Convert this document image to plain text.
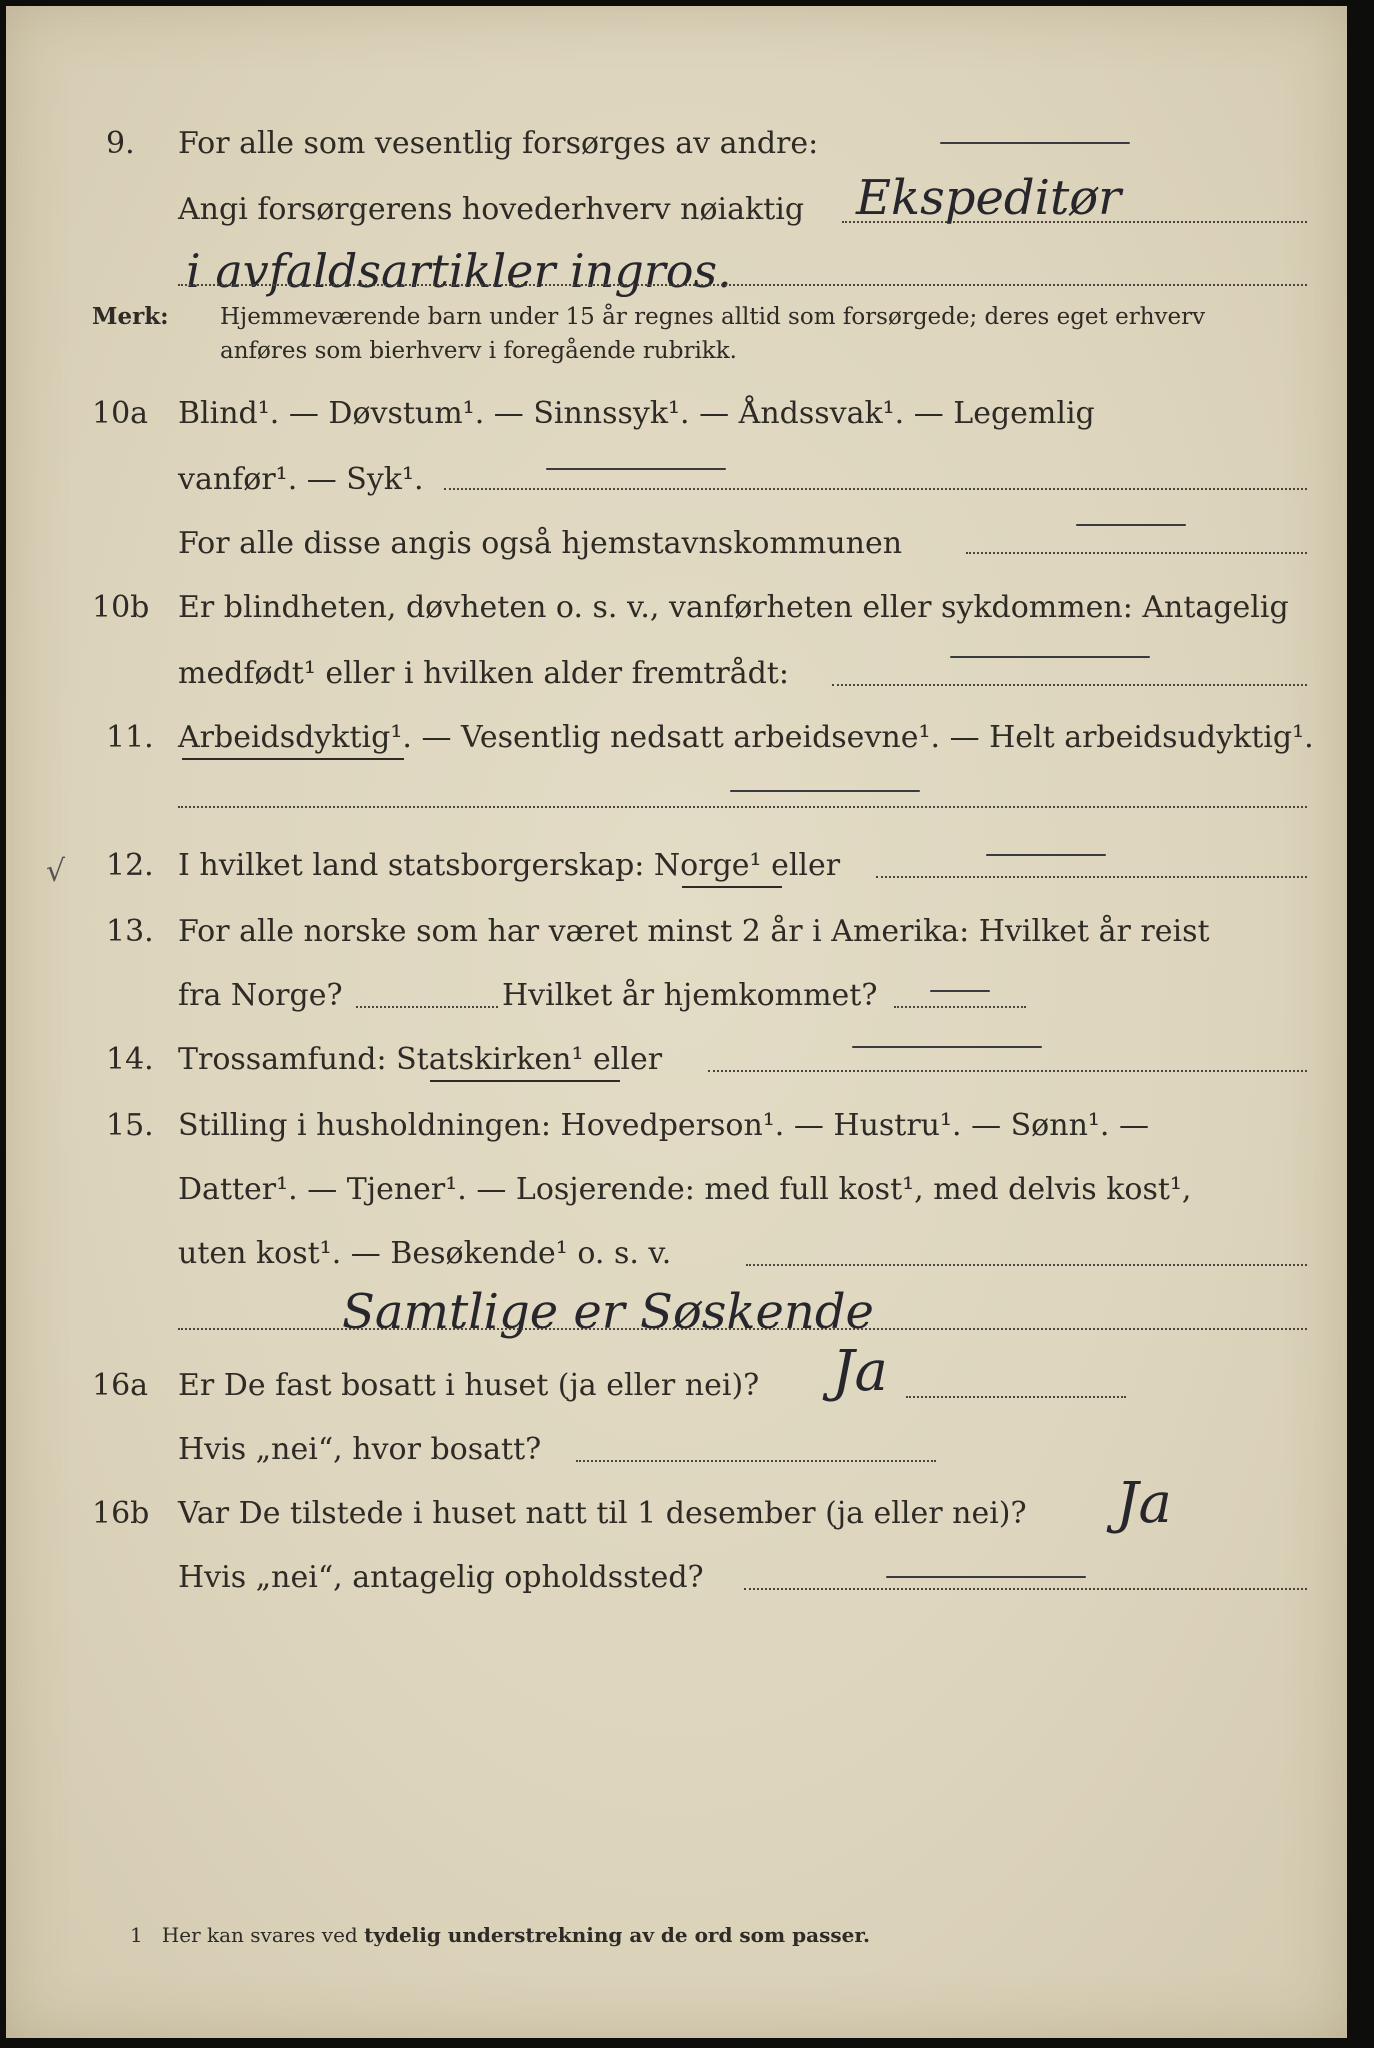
9. For alle som vesentlig forsørges av andre:
Angi forsørgerens hovederhverv nøiaktig Ekspeditør
i avfaldsartikler ingros.
Merk: Hjemmeværende barn under 15 år regnes alltid som forsørgede; deres eget erhverv
anføres som bierhverv i foregående rubrikk.
10a Blind¹. — Døvstum¹. — Sinnssyk¹. — Åndssvak¹. — Legemlig
vanfør¹. — Syk¹.
For alle disse angis også hjemstavnskommunen
10b Er blindheten, døvheten o. s. v., vanførheten eller sykdommen: Antagelig
medfødt¹ eller i hvilken alder fremtrådt:
11. Arbeidsdyktig¹. — Vesentlig nedsatt arbeidsevne¹. — Helt arbeidsudyktig¹.
√ 12. I hvilket land statsborgerskap: Norge¹ eller
13. For alle norske som har været minst 2 år i Amerika: Hvilket år reist
fra Norge?	Hvilket år hjemkommet?
14. Trossamfund: Statskirken¹ eller
15. Stilling i husholdningen: Hovedperson¹. — Hustru¹. — Sønn¹. —
Datter¹. — Tjener¹. — Losjerende: med full kost¹, med delvis kost¹,
uten kost¹. — Besøkende¹ o. s. v.
Samtlige er Søskende
16a Er De fast bosatt i huset (ja eller nei)? Ja
Hvis „nei“, hvor bosatt?
16b Var De tilstede i huset natt til 1 desember (ja eller nei)? Ja
Hvis „nei“, antagelig opholdssted?
1 Her kan svares ved tydelig understrekning av de ord som passer.
